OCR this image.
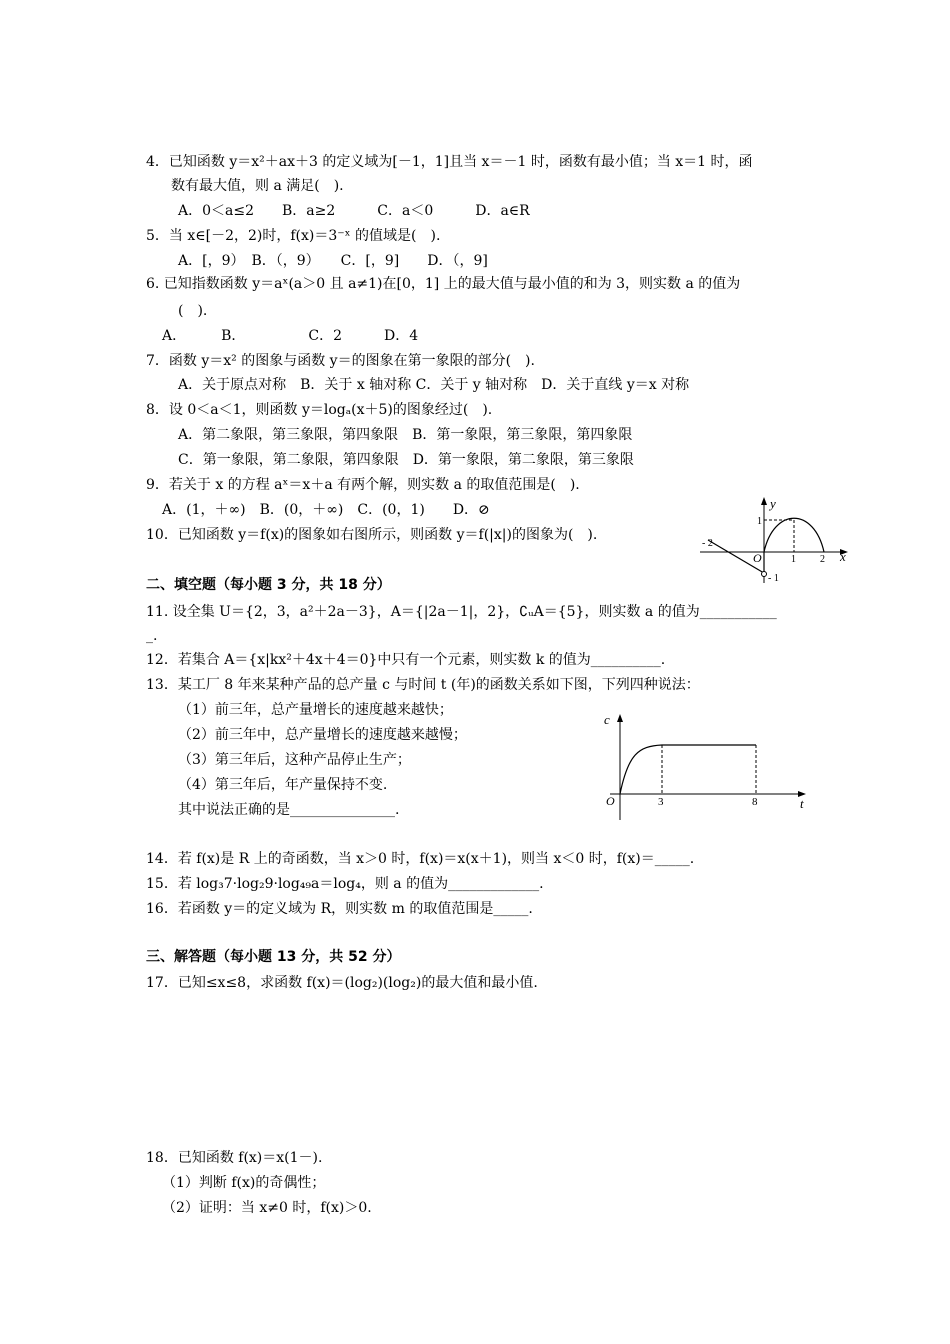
4．已知函数 y＝x²＋ax＋3 的定义域为[－1，1]且当 x＝－1 时，函数有最小值；当 x＝1 时，函
数有最大值，则 a 满足(　).
A．0＜a≤2　　B．a≥2　　　C．a＜0　　　D．a∈R
5．当 x∈[－2，2)时，f(x)＝3⁻ˣ 的值域是(　).
A．[，9）　B．（，9）　　C．[，9]　　D．（，9]
6. 已知指数函数 y＝aˣ(a＞0 且 a≠1)在[0，1] 上的最大值与最小值的和为 3，则实数 a 的值为
(　).
A．　　　B．　　　　　C．2　　　D．4
7．函数 y＝x² 的图象与函数 y＝的图象在第一象限的部分(　).
A．关于原点对称　B．关于 x 轴对称 C．关于 y 轴对称　D．关于直线 y＝x 对称
8．设 0＜a＜1，则函数 y＝logₐ(x＋5)的图象经过(　).
A．第二象限，第三象限，第四象限　B．第一象限，第三象限，第四象限
C．第一象限，第二象限，第四象限　D．第一象限，第二象限，第三象限
9．若关于 x 的方程 aˣ＝x＋a 有两个解，则实数 a 的取值范围是(　).
A．(1，＋∞)　B．(0，＋∞)　C．(0，1)　　D．⊘
10．已知函数 y＝f(x)的图象如右图所示，则函数 y＝f(|x|)的图象为(　).
y
x
O
1
1 2
- 2
- 1
二、填空题（每小题 3 分，共 18 分）
11. 设全集 U＝{2，3，a²＋2a－3}，A＝{|2a－1|，2}，∁ᵤA＝{5}，则实数 a 的值为___________
_.
12．若集合 A＝{x|kx²＋4x＋4＝0}中只有一个元素，则实数 k 的值为__________.
13．某工厂 8 年来某种产品的总产量 c 与时间 t (年)的函数关系如下图，下列四种说法：
（1）前三年，总产量增长的速度越来越快；
（2）前三年中，总产量增长的速度越来越慢；
（3）第三年后，这种产品停止生产；
（4）第三年后，年产量保持不变.
其中说法正确的是_______________.
c
t
O	3	8
14．若 f(x)是 R 上的奇函数，当 x＞0 时，f(x)＝x(x＋1)，则当 x＜0 时，f(x)＝_____.
15．若 log₃7·log₂9·log₄₉a＝log₄，则 a 的值为_____________.
16．若函数 y＝的定义域为 R，则实数 m 的取值范围是_____.
三、解答题（每小题 13 分，共 52 分）
17．已知≤x≤8，求函数 f(x)＝(log₂)(log₂)的最大值和最小值.
18．已知函数 f(x)＝x(1－).
（1）判断 f(x)的奇偶性；
（2）证明：当 x≠0 时，f(x)＞0.
